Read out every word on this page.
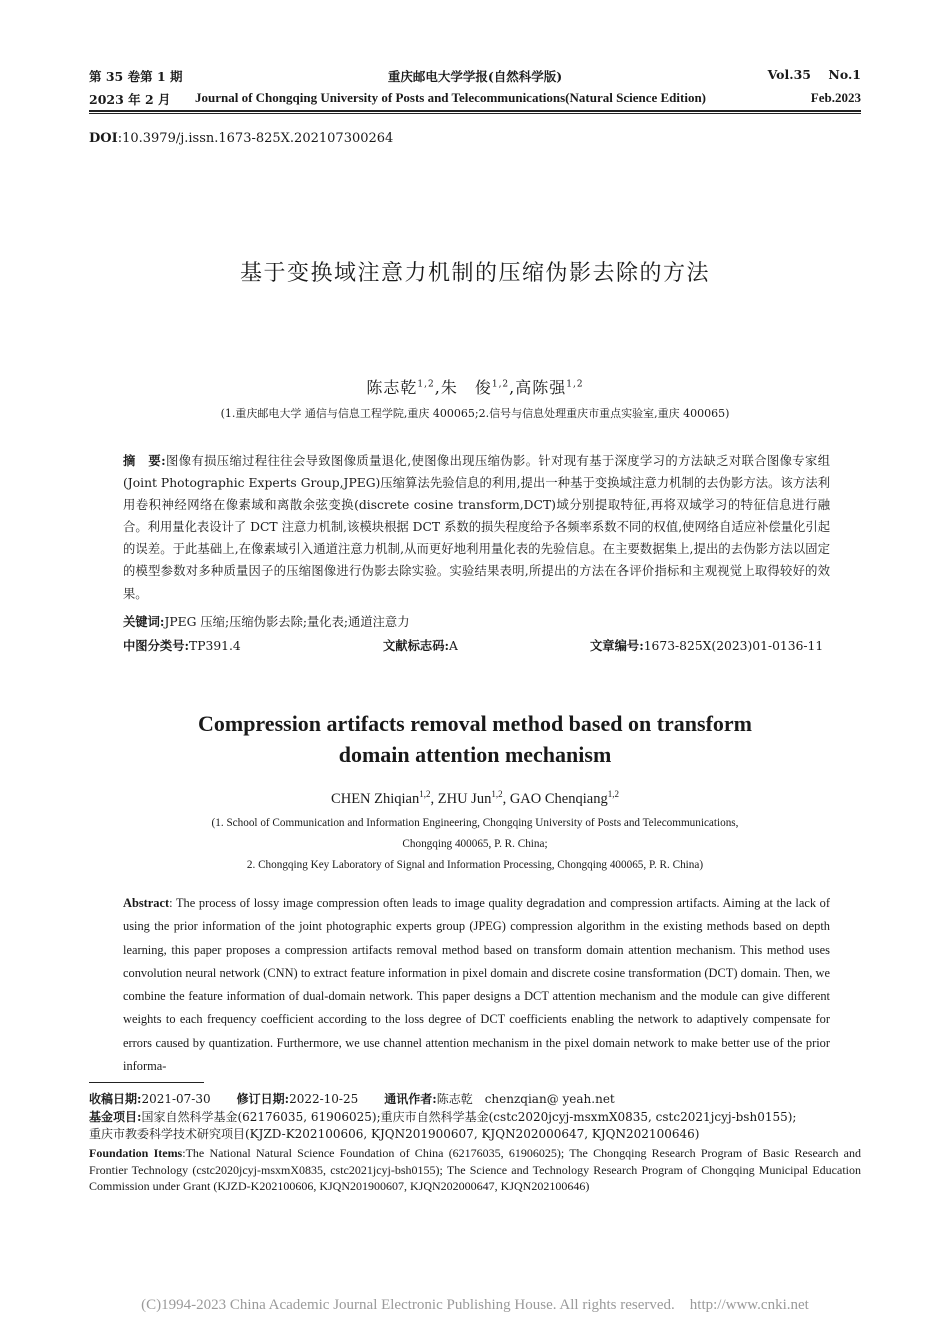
第 35 卷第 1 期	重庆邮电大学学报(自然科学版)	Vol.35    No.1
2023 年 2 月 Journal of Chongqing University of Posts and Telecommunications(Natural Science Edition)	Feb.2023
DOI:10.3979/j.issn.1673-825X.202107300264
基于变换域注意力机制的压缩伪影去除的方法
陈志乾$^{1,2}$,朱　俊$^{1,2}$,高陈强$^{1,2}$
(1.重庆邮电大学 通信与信息工程学院,重庆 400065;2.信号与信息处理重庆市重点实验室,重庆 400065)
摘　要:图像有损压缩过程往往会导致图像质量退化,使图像出现压缩伪影。针对现有基于深度学习的方法缺乏对联合图像专家组(Joint Photographic Experts Group,JPEG)压缩算法先验信息的利用,提出一种基于变换域注意力机制的去伪影方法。该方法利用卷积神经网络在像素域和离散余弦变换(discrete cosine transform,DCT)域分别提取特征,再将双域学习的特征信息进行融合。利用量化表设计了 DCT 注意力机制,该模块根据 DCT 系数的损失程度给予各频率系数不同的权值,使网络自适应补偿量化引起的误差。于此基础上,在像素域引入通道注意力机制,从而更好地利用量化表的先验信息。在主要数据集上,提出的去伪影方法以固定的模型参数对多种质量因子的压缩图像进行伪影去除实验。实验结果表明,所提出的方法在各评价指标和主观视觉上取得较好的效果。
关键词:JPEG 压缩;压缩伪影去除;量化表;通道注意力
中图分类号:TP391.4	文献标志码:A	文章编号:1673-825X(2023)01-0136-11
Compression artifacts removal method based on transform
domain attention mechanism
CHEN Zhiqian$^{1,2}$, ZHU Jun$^{1,2}$, GAO Chenqiang$^{1,2}$
(1. School of Communication and Information Engineering, Chongqing University of Posts and Telecommunications,
Chongqing 400065, P. R. China;
2. Chongqing Key Laboratory of Signal and Information Processing, Chongqing 400065, P. R. China)
Abstract: The process of lossy image compression often leads to image quality degradation and compression artifacts. Aiming at the lack of using the prior information of the joint photographic experts group (JPEG) compression algorithm in the existing methods based on depth learning, this paper proposes a compression artifacts removal method based on transform domain attention mechanism. This method uses convolution neural network (CNN) to extract feature information in pixel domain and discrete cosine transformation (DCT) domain. Then, we combine the feature information of dual-domain network. This paper designs a DCT attention mechanism and the module can give different weights to each frequency coefficient according to the loss degree of DCT coefficients enabling the network to adaptively compensate for errors caused by quantization. Furthermore, we use channel attention mechanism in the pixel domain network to make better use of the prior informa-
收稿日期:2021-07-30 修订日期:2022-10-25 通讯作者:陈志乾　chenzqian@ yeah.net
基金项目:国家自然科学基金(62176035, 61906025);重庆市自然科学基金(cstc2020jcyj-msxmX0835, cstc2021jcyj-bsh0155);
重庆市教委科学技术研究项目(KJZD-K202100606, KJQN201900607, KJQN202000647, KJQN202100646)
Foundation Items:The National Natural Science Foundation of China (62176035, 61906025); The Chongqing Research Program of Basic Research and Frontier Technology (cstc2020jcyj-msxmX0835, cstc2021jcyj-bsh0155); The Science and Technology Research Program of Chongqing Municipal Education Commission under Grant (KJZD-K202100606, KJQN201900607, KJQN202000647, KJQN202100646)
(C)1994-2023 China Academic Journal Electronic Publishing House. All rights reserved.    http://www.cnki.net
